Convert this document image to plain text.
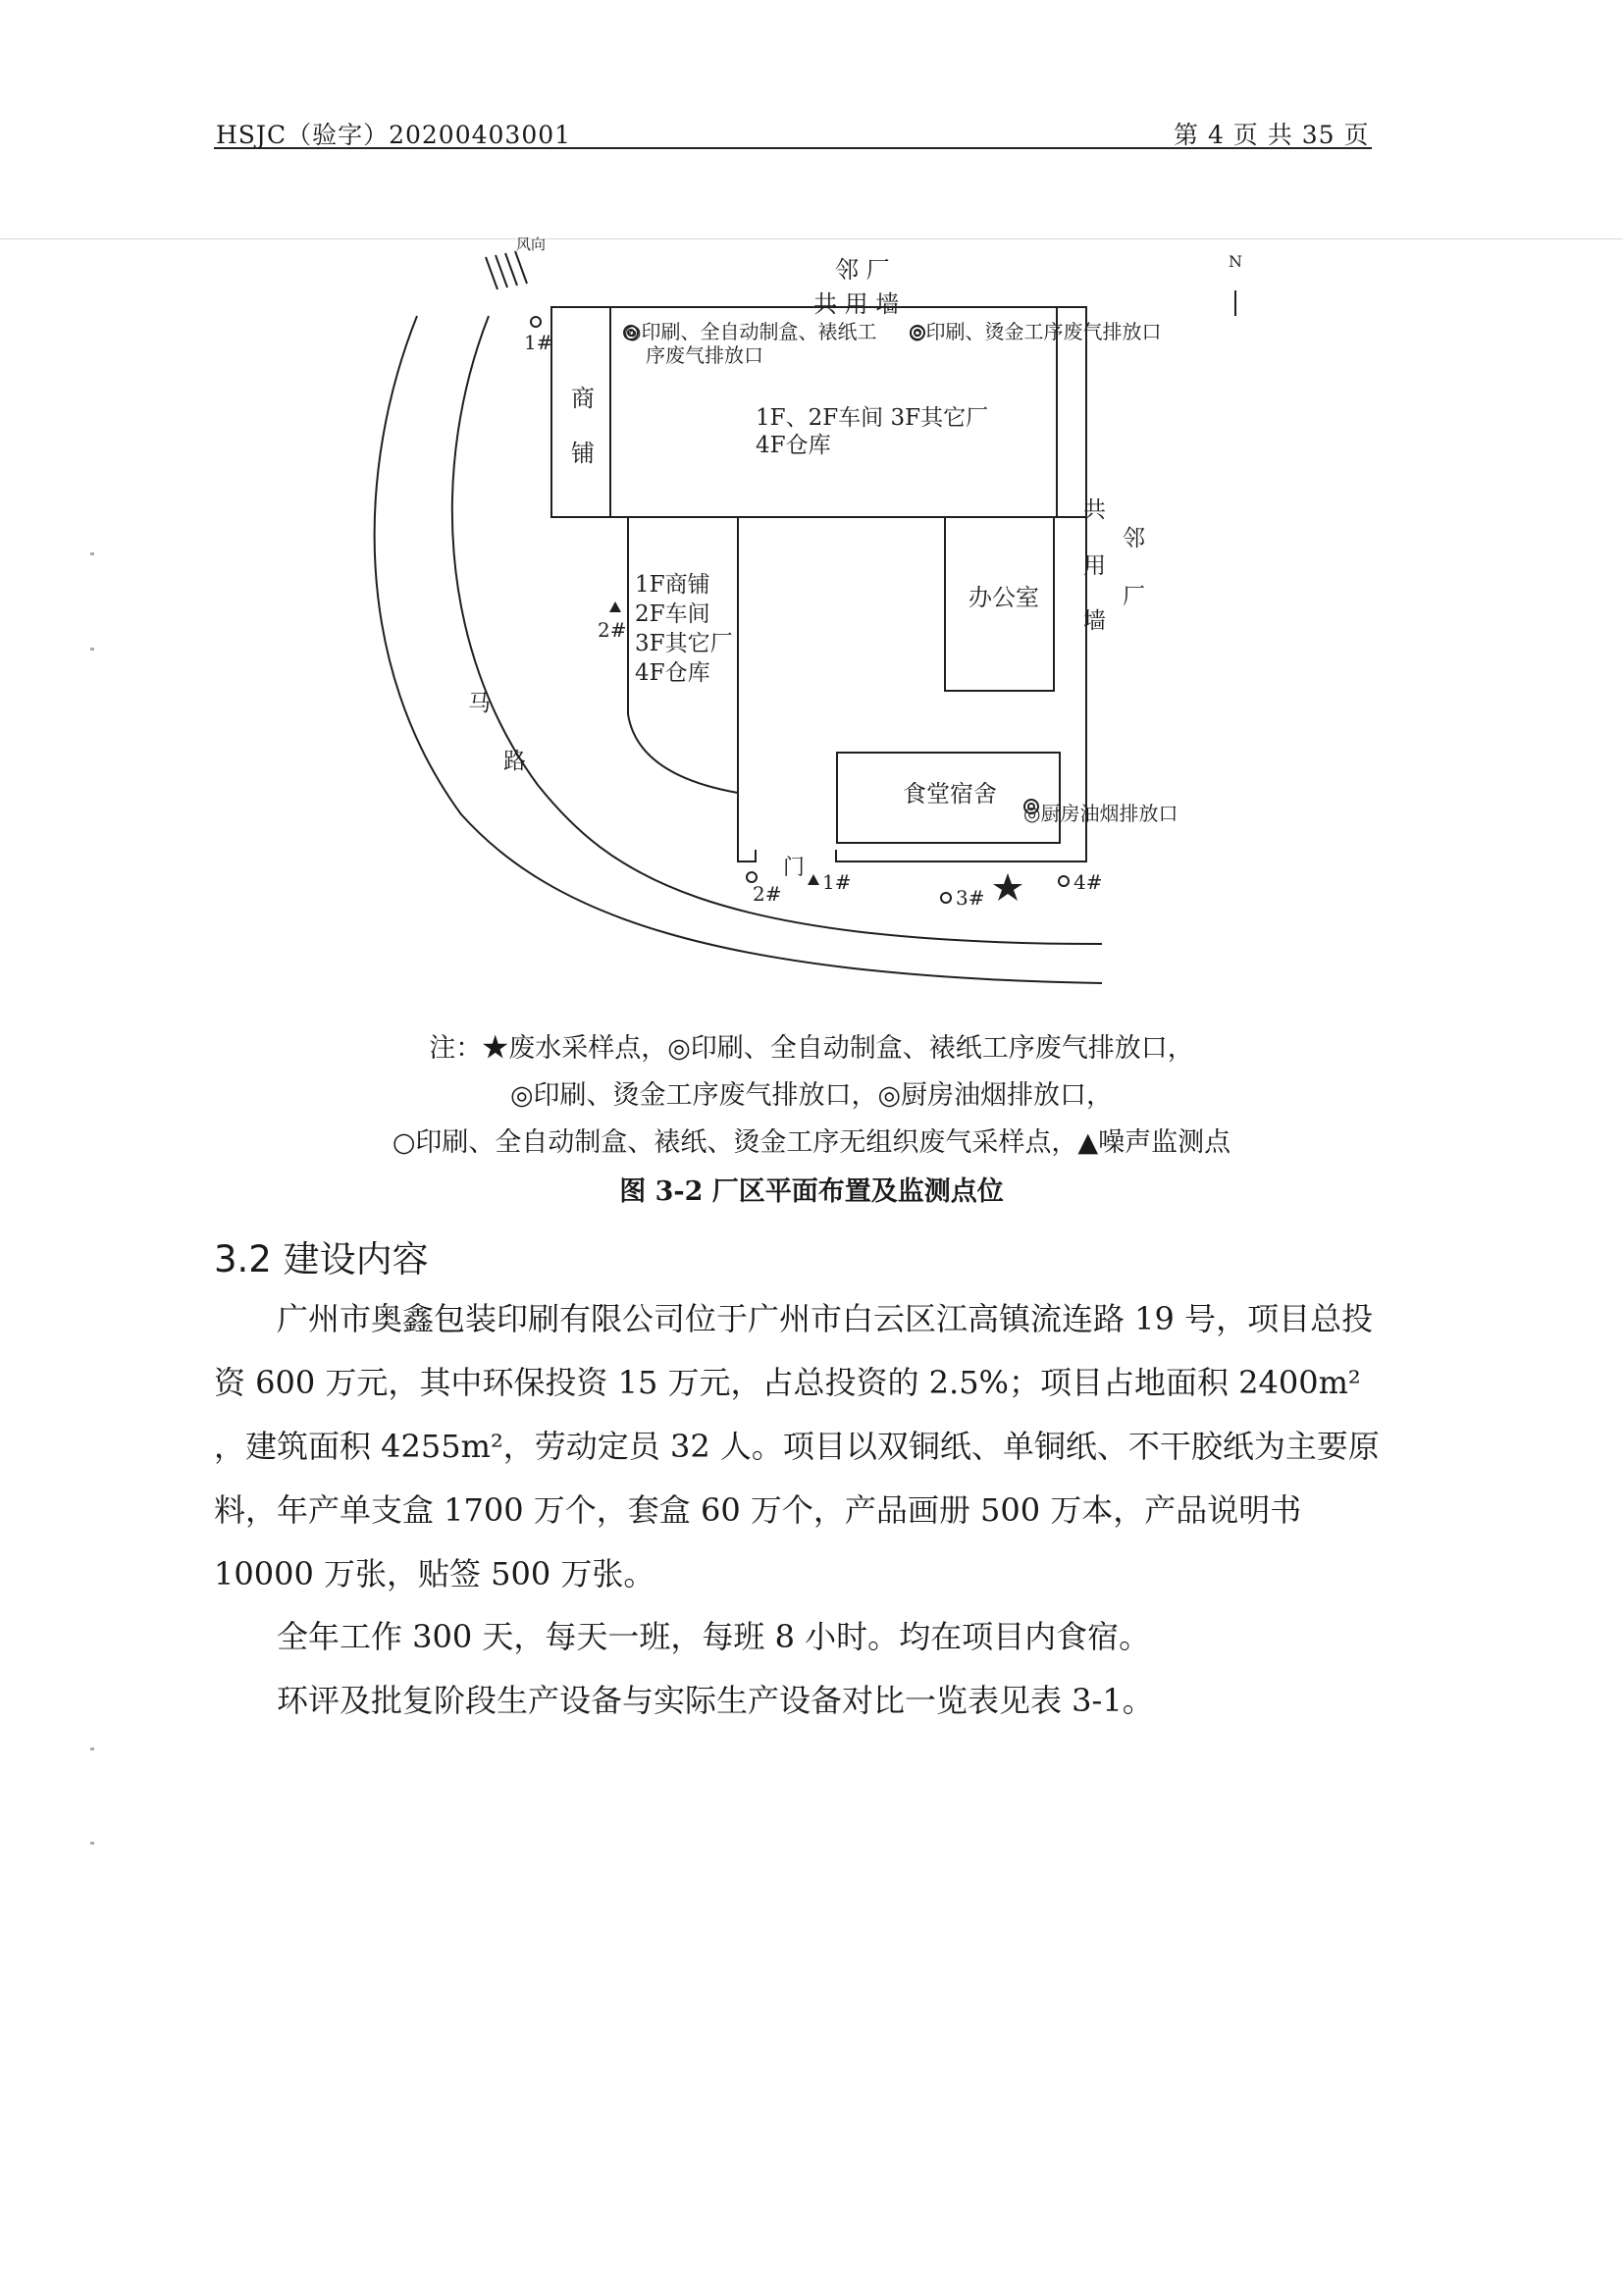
HSJC（验字）20200403001	第 4 页 共 35 页
风向
N
邻 厂
共 用 墙
1#	◎印刷、全自动制盒、裱纸工
序废气排放口
◎印刷、烫金工序废气排放口
商
铺
1F、2F车间 3F其它厂
4F仓库
1F商铺
2F车间
3F其它厂
4F仓库
2#
办公室
共
用
墙
邻
厂
马
路
食堂宿舍
◎厨房油烟排放口
门
1#
2#	3#
4#
注：★废水采样点，◎印刷、全自动制盒、裱纸工序废气排放口，
◎印刷、烫金工序废气排放口，◎厨房油烟排放口，
○印刷、全自动制盒、裱纸、烫金工序无组织废气采样点，▲噪声监测点
图 3-2 厂区平面布置及监测点位
3.2 建设内容
广州市奥鑫包装印刷有限公司位于广州市白云区江高镇流连路 19 号，项目总投资 600 万元，其中环保投资 15 万元，占总投资的 2.5%；项目占地面积 2400m² ，建筑面积 4255m²，劳动定员 32 人。项目以双铜纸、单铜纸、不干胶纸为主要原料，年产单支盒 1700 万个，套盒 60 万个，产品画册 500 万本，产品说明书 10000 万张，贴签 500 万张。
全年工作 300 天，每天一班，每班 8 小时。均在项目内食宿。
环评及批复阶段生产设备与实际生产设备对比一览表见表 3-1。
